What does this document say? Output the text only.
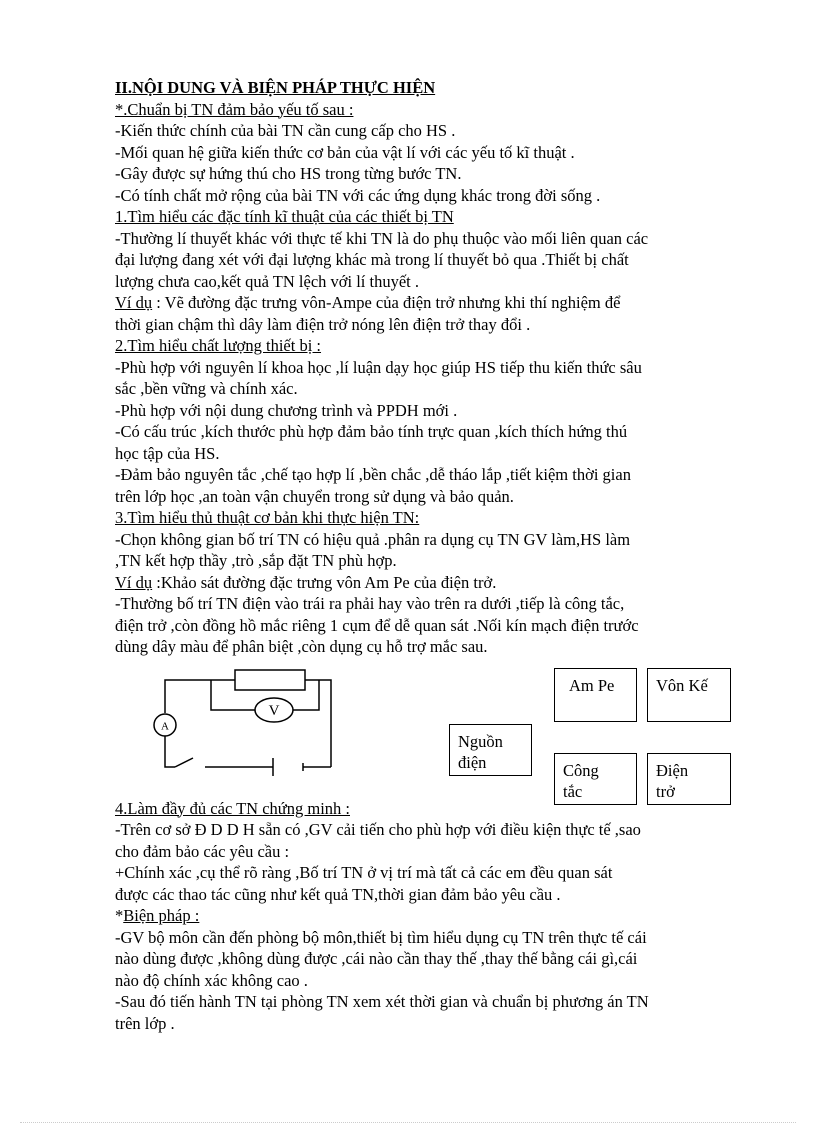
II.NỘI DUNG VÀ BIỆN PHÁP THỰC HIỆN
*.Chuẩn bị TN đảm bảo yếu tố sau :
-Kiến thức chính của bài TN cần cung cấp cho HS .
-Mối quan hệ giữa kiến thức cơ bản của vật lí với các yếu tố kĩ thuật .
-Gây được sự hứng thú cho HS trong từng bước TN.
-Có tính chất mở rộng của bài TN với các ứng dụng khác trong đời sống .
1.Tìm hiểu các đặc tính kĩ thuật của các thiết bị TN
-Thường lí thuyết khác với thực tế khi TN là do phụ thuộc vào mối liên quan các
đại lượng đang xét với đại lượng khác mà trong lí thuyết bỏ qua .Thiết bị chất
lượng chưa cao,kết quả TN lệch với lí thuyết .
Ví dụ : Vẽ đường đặc trưng vôn-Ampe của điện trở nhưng khi thí nghiệm để
thời gian chậm thì dây làm điện trở nóng lên điện trở thay đổi .
2.Tìm hiểu chất lượng thiết bị :
-Phù hợp với nguyên lí khoa học ,lí luận dạy học giúp HS tiếp thu kiến thức sâu
sắc ,bền vững và chính xác.
-Phù hợp với nội dung chương trình và PPDH mới .
-Có cấu trúc ,kích thước phù hợp đảm bảo tính trực quan ,kích thích hứng thú
học tập của HS.
-Đảm bảo nguyên tắc ,chế tạo hợp lí ,bền chắc ,dễ tháo lắp ,tiết kiệm thời gian
trên lớp học ,an toàn vận chuyển trong sử dụng và bảo quản.
3.Tìm hiểu thủ thuật cơ bản khi thực hiện TN:
-Chọn không gian bố trí TN có hiệu quả .phân ra dụng cụ TN GV làm,HS làm
,TN kết hợp thầy ,trò ,sắp đặt TN phù hợp.
Ví dụ :Khảo sát đường đặc trưng vôn Am Pe của điện trở.
-Thường bố trí TN điện vào trái ra phải hay vào trên ra dưới ,tiếp là công tắc,
điện trở ,còn đồng hồ mắc riêng 1 cụm để dễ quan sát .Nối kín mạch điện trước
dùng dây màu để phân biệt ,còn dụng cụ hỗ trợ mắc sau.
A
V
Nguồn
điện
Am Pe	Vôn Kế
Công
tắc
Điện
trở
4.Làm đầy đủ các TN chứng minh :
-Trên cơ sở Đ D D H sẵn có ,GV cải tiến cho phù hợp với điều kiện thực tế ,sao
cho đảm bảo các yêu cầu :
+Chính xác ,cụ thể rõ ràng ,Bố trí TN ở vị trí mà tất cả các em đều quan sát
được các thao tác cũng như kết quả TN,thời gian đảm bảo yêu cầu .
*Biện pháp :
-GV bộ môn cần đến phòng bộ môn,thiết bị tìm hiểu dụng cụ TN trên thực tế cái
nào dùng được ,không dùng được ,cái nào cần thay thế ,thay thế bằng cái gì,cái
nào độ chính xác không cao .
-Sau đó tiến hành TN tại phòng TN xem xét thời gian và chuẩn bị phương án TN
trên lớp .
